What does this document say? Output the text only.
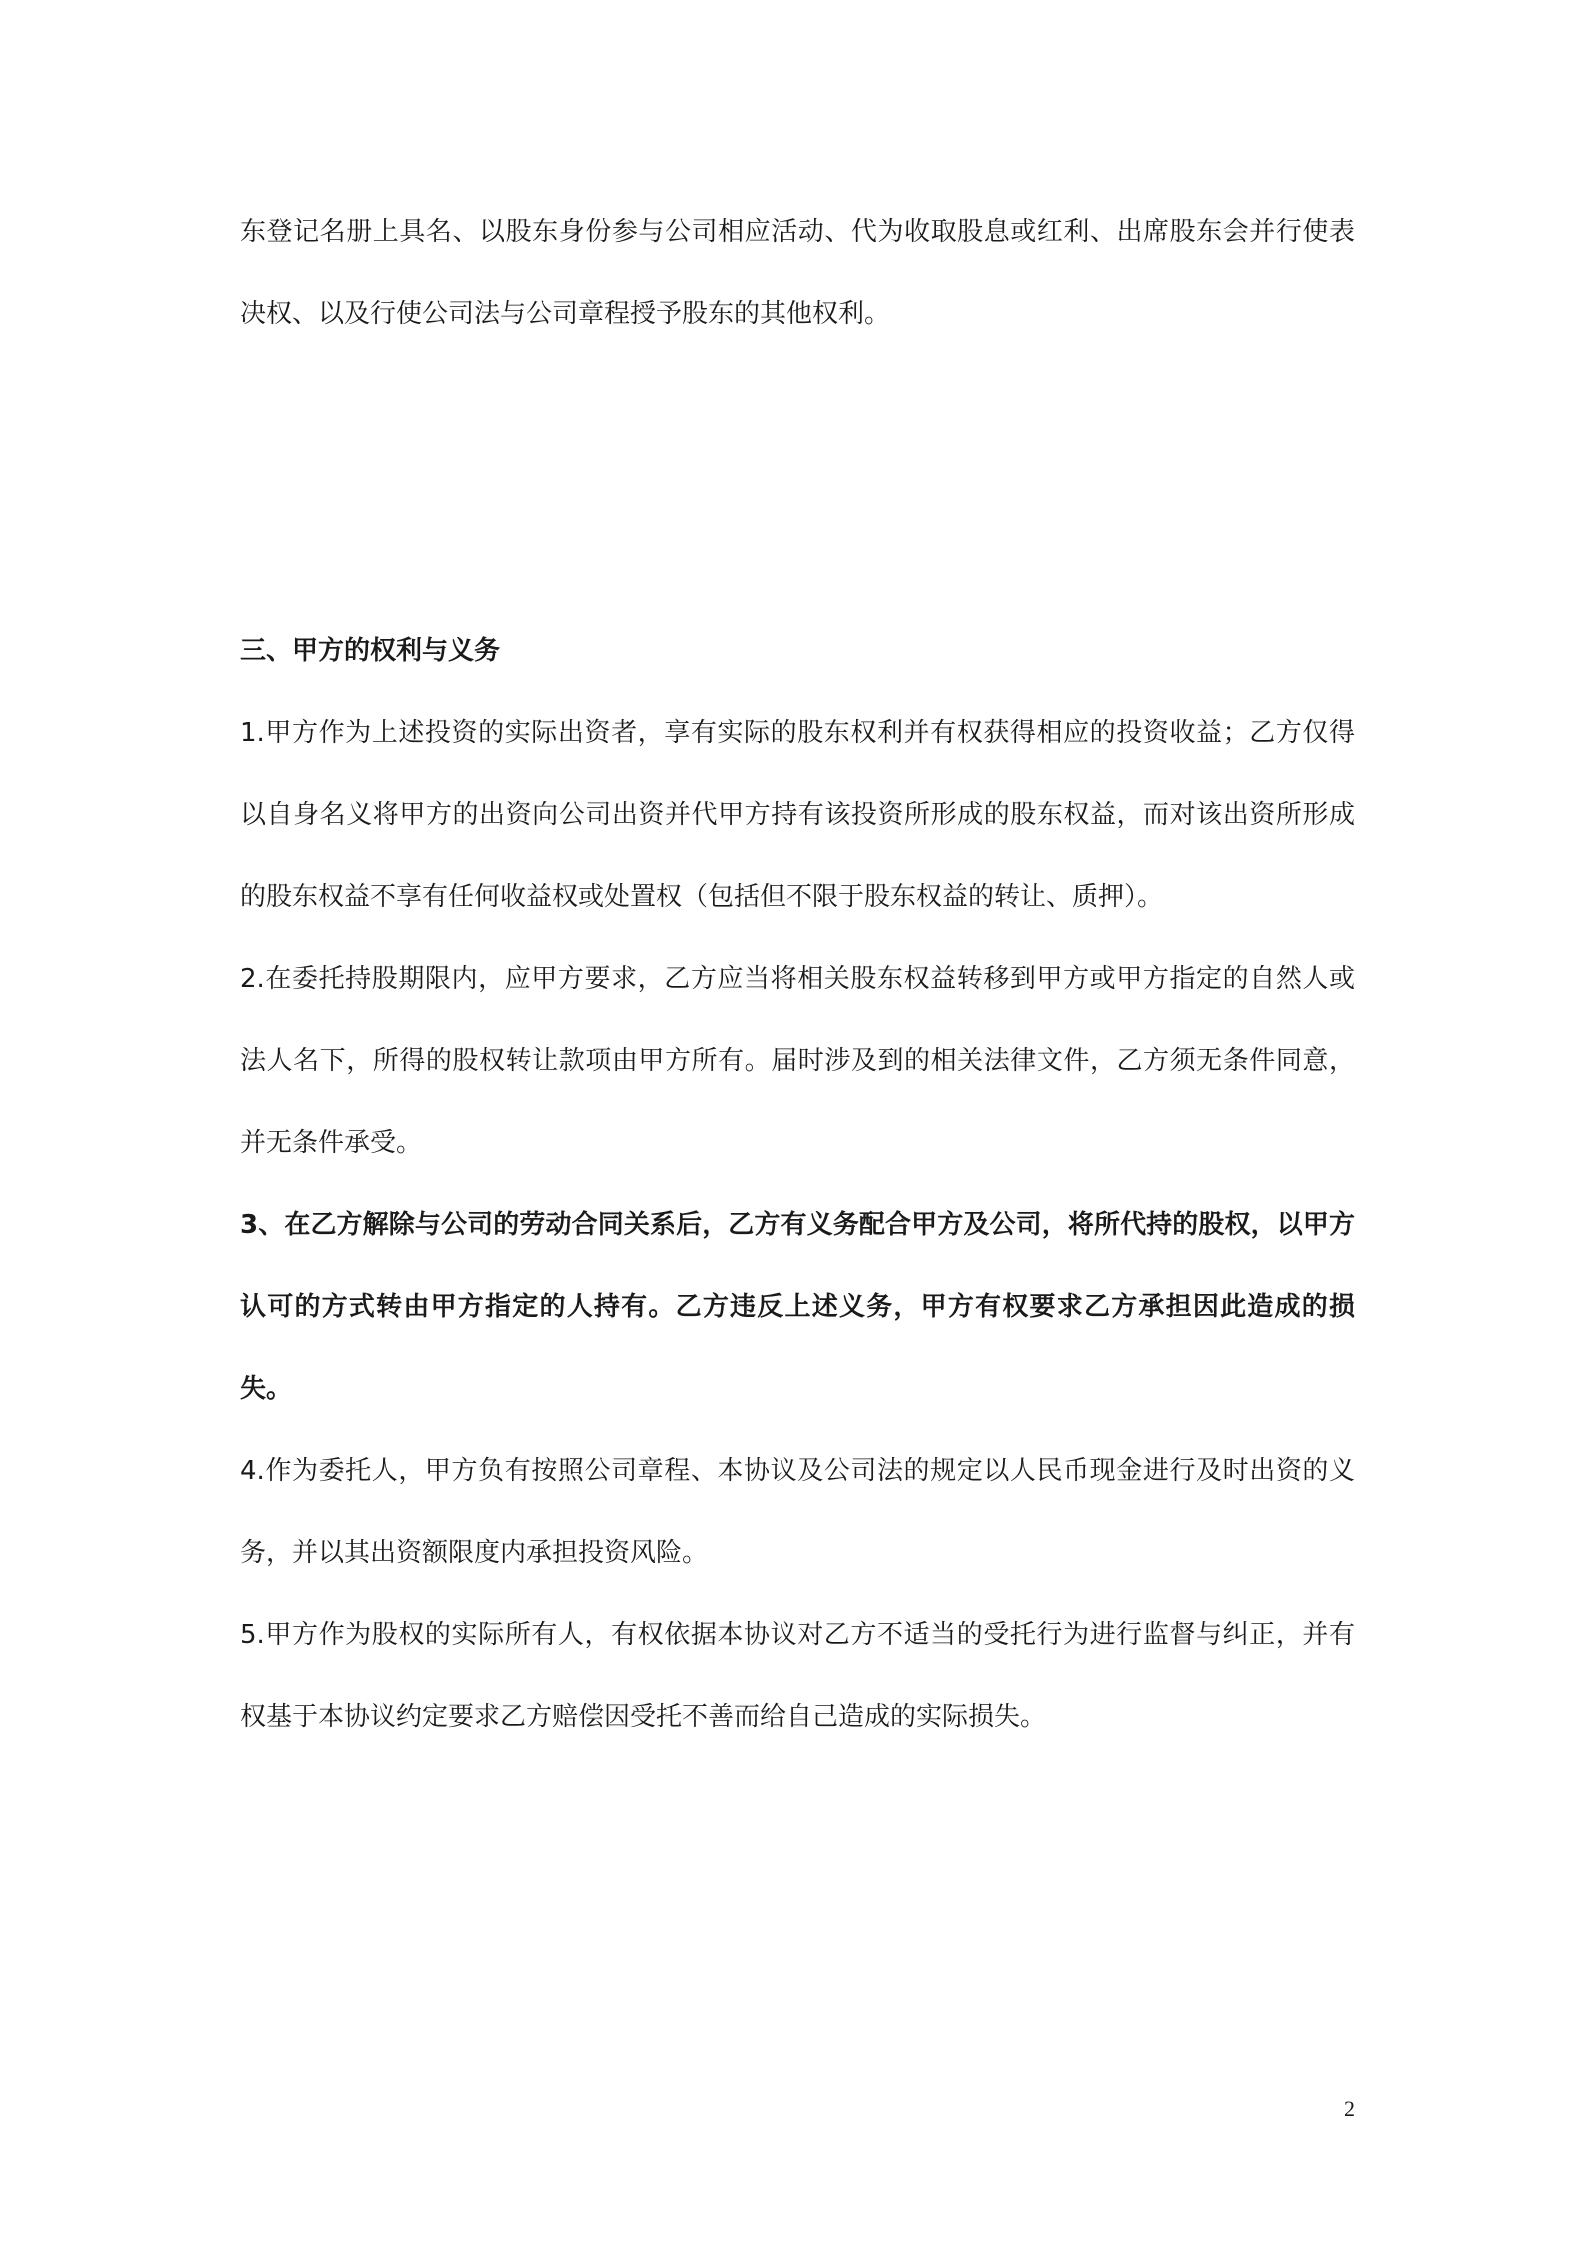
东登记名册上具名、以股东身份参与公司相应活动、代为收取股息或红利、出席股东会并行使表决权、以及行使公司法与公司章程授予股东的其他权利。

三、甲方的权利与义务

1.甲方作为上述投资的实际出资者，享有实际的股东权利并有权获得相应的投资收益；乙方仅得以自身名义将甲方的出资向公司出资并代甲方持有该投资所形成的股东权益，而对该出资所形成的股东权益不享有任何收益权或处置权（包括但不限于股东权益的转让、质押）。

2.在委托持股期限内，应甲方要求，乙方应当将相关股东权益转移到甲方或甲方指定的自然人或法人名下，所得的股权转让款项由甲方所有。届时涉及到的相关法律文件，乙方须无条件同意，并无条件承受。

3、在乙方解除与公司的劳动合同关系后，乙方有义务配合甲方及公司，将所代持的股权，以甲方认可的方式转由甲方指定的人持有。乙方违反上述义务，甲方有权要求乙方承担因此造成的损失。

4.作为委托人，甲方负有按照公司章程、本协议及公司法的规定以人民币现金进行及时出资的义务，并以其出资额限度内承担投资风险。

5.甲方作为股权的实际所有人，有权依据本协议对乙方不适当的受托行为进行监督与纠正，并有权基于本协议约定要求乙方赔偿因受托不善而给自己造成的实际损失。

2
